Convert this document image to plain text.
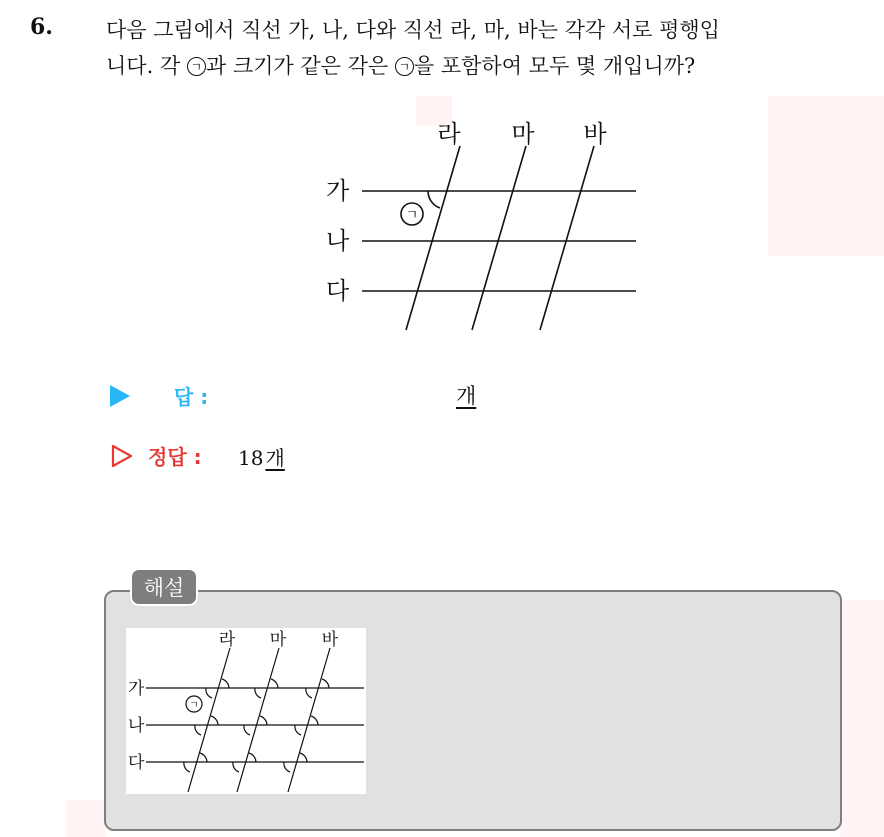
6.	다음 그림에서 직선 가, 나, 다와 직선 라, 마, 바는 각각 서로 평행입
니다. 각 ㄱ 과 크기가 같은 각은 ㄱ 을 포함하여 모두 몇 개입니까?
라 마 바
가
나
다
ㄱ
답 :	개
정답 : 18 개
해설
라 마 바
가
나
다
ㄱ
